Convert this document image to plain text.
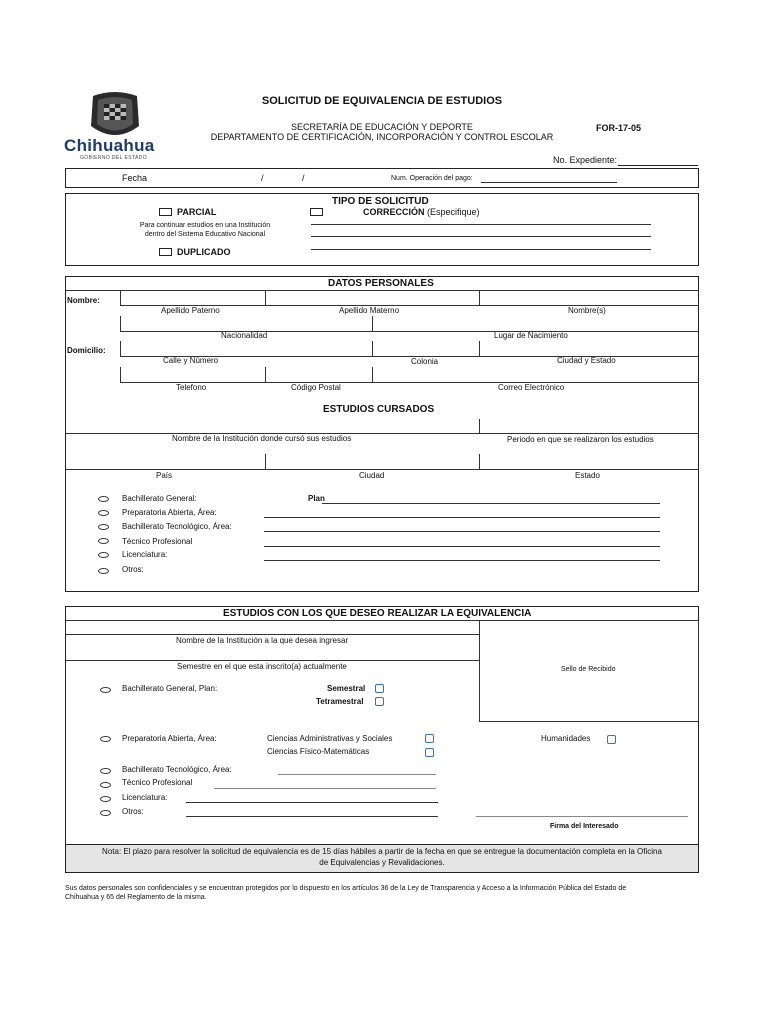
Chihuahua
GOBIERNO DEL ESTADO
SOLICITUD DE EQUIVALENCIA DE ESTUDIOS
SECRETARÍA DE EDUCACIÓN Y DEPORTE
DEPARTAMENTO DE CERTIFICACIÓN, INCORPORACIÓN Y CONTROL ESCOLAR
FOR-17-05
No. Expediente:
Fecha	/	/	Num. Operación del pago:
TIPO DE SOLICITUD
PARCIAL
Para continuar estudios en una Institución
dentro del Sistema Educativo Nacional
DUPLICADO
CORRECCIÓN (Especifique)
DATOS PERSONALES
Nombre:
Apellido Paterno	Apellido Materno	Nombre(s)
Nacionalidad	Lugar de Nacimiento
Domicilio:
Calle y Número	Colonia	Ciudad y Estado
Telefono	Código Postal	Correo Electrónico
ESTUDIOS CURSADOS
Nombre de la Institución donde cursó sus estudios	Periodo en que se realizaron los estudios
País	Ciudad	Estado
Bachillerato General:	Plan
Preparatoria Abierta, Área:
Bachillerato Tecnológico, Área:
Técnico Profesional
Licenciatura:
Otros:
ESTUDIOS CON LOS QUE DESEO REALIZAR LA EQUIVALENCIA
Sello de Recibido
Nombre de la Institución a la que desea ingresar
Semestre en el que esta inscrito(a) actualmente
Bachillerato General, Plan:	Semestral
Tetramestral
Preparatoria Abierta, Área:	Ciencias Administrativas y Sociales
Ciencias Físico-Matemáticas
Humanidades
Bachillerato Tecnológico, Área:
Técnico Profesional
Licenciatura:
Otros:
Firma del Interesado
Nota: El plazo para resolver la solicitud de equivalencia es de 15 días hábiles a partir de la fecha en que se entregue la documentación completa en la Oficina
de Equivalencias y Revalidaciones.
Sus datos personales son confidenciales y se encuentran protegidos por lo dispuesto en los artículos 36 de la Ley de Transparencia y Acceso a la Información Pública del Estado de
Chihuahua y 65 del Reglamento de la misma.
